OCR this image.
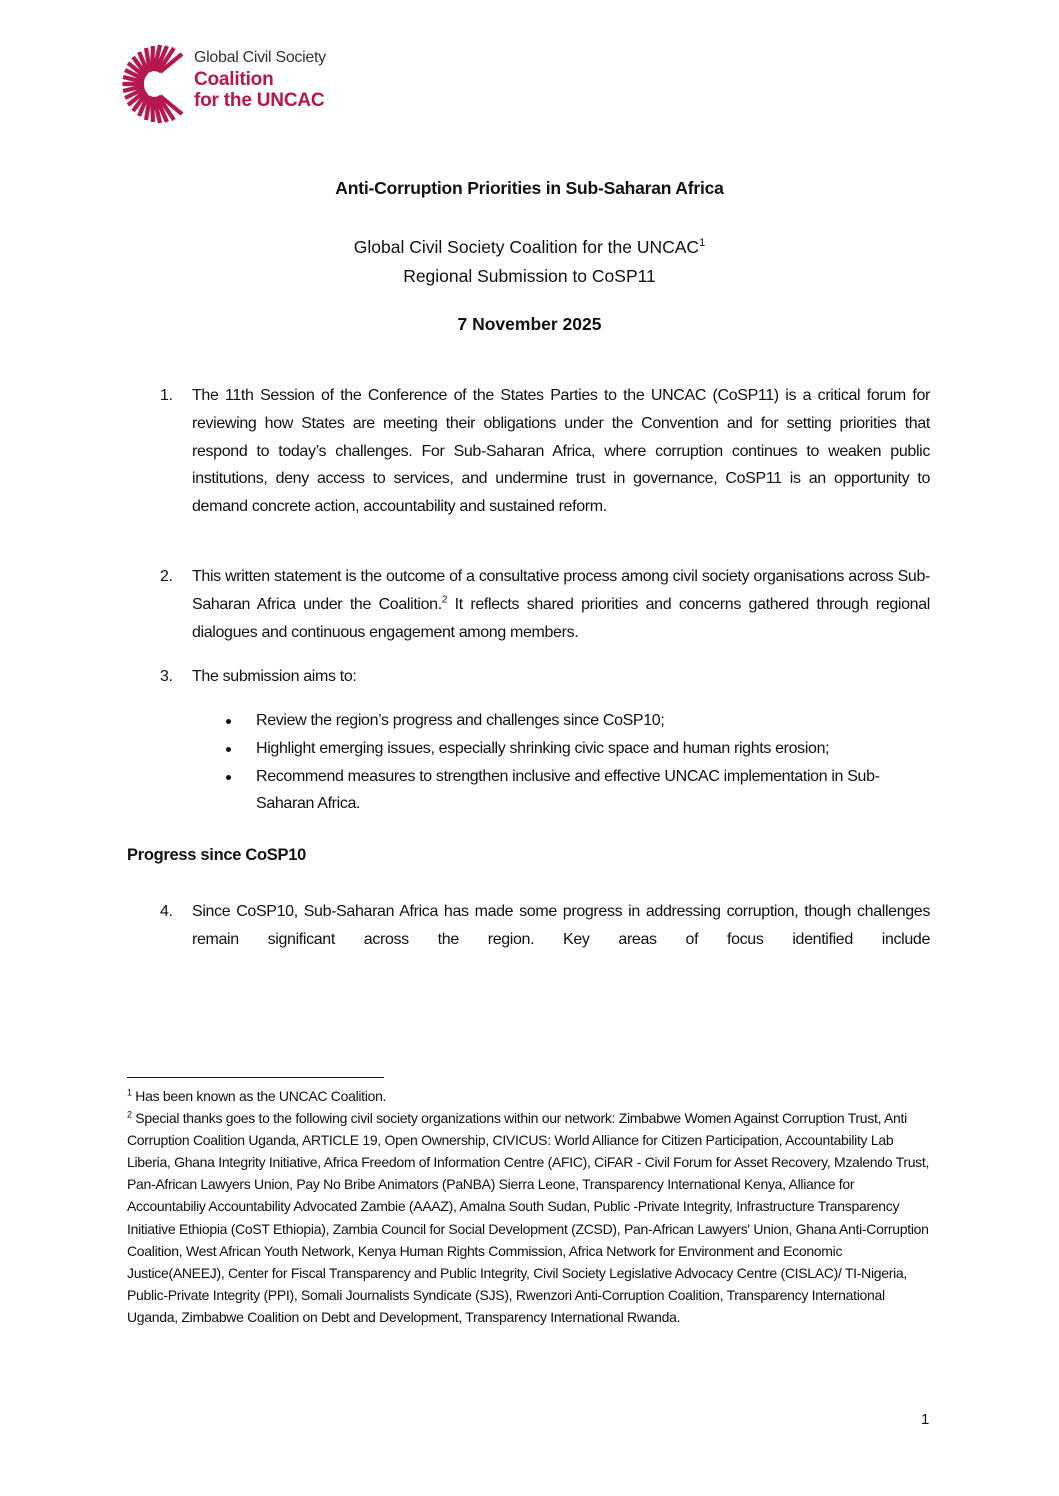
Global Civil Society
Coalition
for the UNCAC
Anti-Corruption Priorities in Sub-Saharan Africa
Global Civil Society Coalition for the UNCAC$^1$
Regional Submission to CoSP11
7 November 2025
1. The 11th Session of the Conference of the States Parties to the UNCAC (CoSP11) is a critical forum for reviewing how States are meeting their obligations under the Convention and for setting priorities that respond to today’s challenges. For Sub-Saharan Africa, where corruption continues to weaken public institutions, deny access to services, and undermine trust in governance, CoSP11 is an opportunity to demand concrete action, accountability and sustained reform.
2. This written statement is the outcome of a consultative process among civil society organisations across Sub-Saharan Africa under the Coalition.$^2$ It reflects shared priorities and concerns gathered through regional dialogues and continuous engagement among members.
3. The submission aims to:
Review the region’s progress and challenges since CoSP10;
Highlight emerging issues, especially shrinking civic space and human rights erosion;
Recommend measures to strengthen inclusive and effective UNCAC implementation in Sub-Saharan Africa.
Progress since CoSP10
4. Since CoSP10, Sub-Saharan Africa has made some progress in addressing corruption, though challenges remain significant across the region. Key areas of focus identified include

$^1$ Has been known as the UNCAC Coalition.

$^2$ Special thanks goes to the following civil society organizations within our network: Zimbabwe Women Against Corruption Trust, Anti Corruption Coalition Uganda, ARTICLE 19, Open Ownership, CIVICUS: World Alliance for Citizen Participation, Accountability Lab Liberia, Ghana Integrity Initiative, Africa Freedom of Information Centre (AFIC), CiFAR - Civil Forum for Asset Recovery, Mzalendo Trust, Pan-African Lawyers Union, Pay No Bribe Animators (PaNBA) Sierra Leone, Transparency International Kenya, Alliance for Accountabiliy Accountability Advocated Zambie (AAAZ), Amalna South Sudan, Public -Private Integrity, Infrastructure Transparency Initiative Ethiopia (CoST Ethiopia), Zambia Council for Social Development (ZCSD), Pan-African Lawyers' Union, Ghana Anti-Corruption Coalition, West African Youth Network, Kenya Human Rights Commission, Africa Network for Environment and Economic Justice(ANEEJ), Center for Fiscal Transparency and Public Integrity, Civil Society Legislative Advocacy Centre (CISLAC)/ TI-Nigeria, Public-Private Integrity (PPI), Somali Journalists Syndicate (SJS), Rwenzori Anti-Corruption Coalition, Transparency International Uganda, Zimbabwe Coalition on Debt and Development, Transparency International Rwanda.

1
